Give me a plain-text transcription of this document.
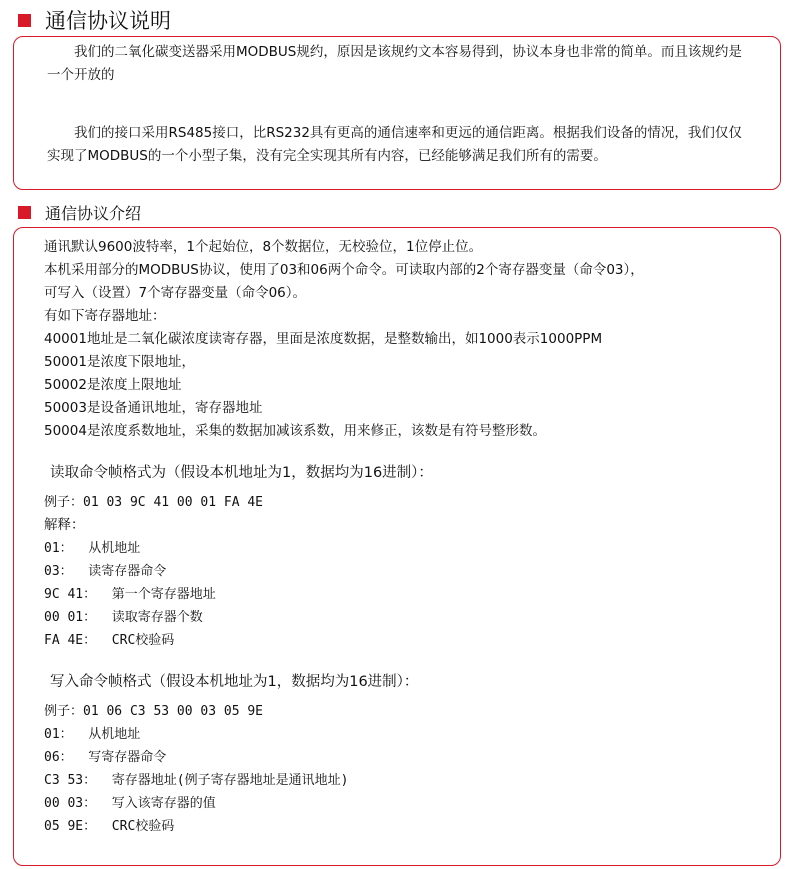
通信协议说明

我们的二氧化碳变送器采用MODBUS规约，原因是该规约文本容易得到，协议本身也非常的简单。而且该规约是一个开放的

我们的接口采用RS485接口，比RS232具有更高的通信速率和更远的通信距离。根据我们设备的情况，我们仅仅实现了MODBUS的一个小型子集，没有完全实现其所有内容，已经能够满足我们所有的需要。

通信协议介绍
通讯默认9600波特率，1个起始位，8个数据位，无校验位，1位停止位。
本机采用部分的MODBUS协议，使用了03和06两个命令。可读取内部的2个寄存器变量（命令03），
可写入（设置）7个寄存器变量（命令06）。
有如下寄存器地址：
40001地址是二氧化碳浓度读寄存器，里面是浓度数据，是整数输出，如1000表示1000PPM
50001是浓度下限地址，
50002是浓度上限地址
50003是设备通讯地址，寄存器地址
50004是浓度系数地址，采集的数据加减该系数，用来修正，该数是有符号整形数。
读取命令帧格式为（假设本机地址为1，数据均为16进制）：
例子：01 03 9C 41 00 01 FA 4E
解释：
01：  从机地址
03：  读寄存器命令
9C 41：  第一个寄存器地址
00 01：  读取寄存器个数
FA 4E：  CRC校验码
写入命令帧格式（假设本机地址为1，数据均为16进制）：
例子：01 06 C3 53 00 03 05 9E
01：  从机地址
06：  写寄存器命令
C3 53：  寄存器地址(例子寄存器地址是通讯地址)
00 03：  写入该寄存器的值
05 9E：  CRC校验码
